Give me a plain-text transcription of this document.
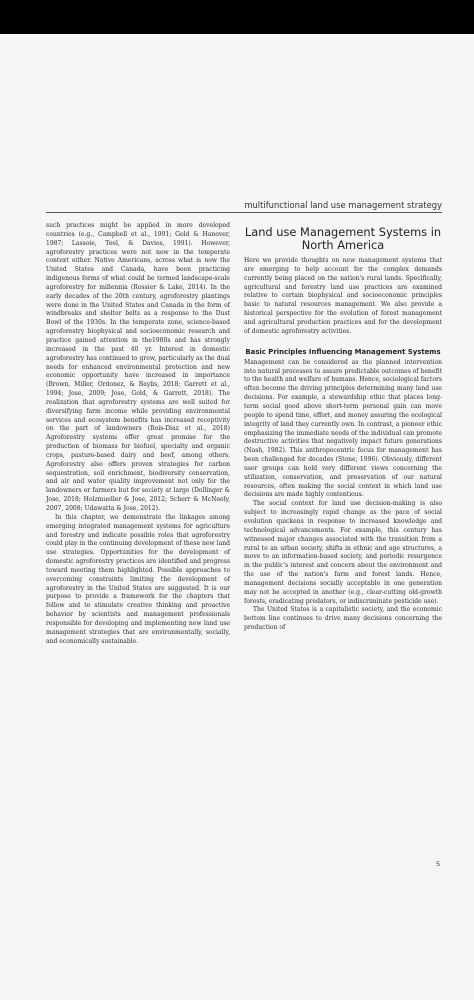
multifunctional land use management strategy

such practices might be applied in more developed countries (e.g., Campbell et al., 1991; Gold & Hanover, 1987; Lassoie, Teel, & Davies, 1991). However, agroforestry practices were not new in the temperate context either. Native Americans, across what is now the United States and Canada, have been practicing indigenous forms of what could be termed landscape-scale agroforestry for millennia (Rossier & Lake, 2014). In the early decades of the 20th century, agroforestry plantings were done in the United States and Canada in the form of windbreaks and shelter belts as a response to the Dust Bowl of the 1930s. In the temperate zone, science-based agroforestry biophysical and socioeconomic research and practice gained attention in the1980s and has strongly increased in the past 40 yr. Interest in domestic agroforestry has continued to grow, particularly as the dual needs for enhanced environmental protection and new economic opportunity have increased in importance (Brown, Miller, Ordonez, & Baylis, 2018; Garrett et al., 1994; Jose, 2009; Jose, Gold, & Garrett, 2018). The realization that agroforestry systems are well suited for diversifying farm income while providing environmental services and ecosystem benefits has increased receptivity on the part of landowners (Rois-Diaz et al., 2018) Agroforestry systems offer great promise for the production of biomass for biofuel, specialty and organic crops, pasture-based dairy and beef, among others. Agroforestry also offers proven strategies for carbon sequestration, soil enrichment, biodiversity conservation, and air and water quality improvement not only for the landowners or farmers but for society at large (Dollinger & Jose, 2018; Holzmueller & Jose, 2012; Scherr & McNeely, 2007, 2008; Udawatta & Jose, 2012).

In this chapter, we demonstrate the linkages among emerging integrated management systems for agriculture and forestry and indicate possible roles that agroforestry could play in the continuing development of these new land use strategies. Opportunities for the development of domestic agroforestry practices are identified and progress toward meeting them highlighted. Possible approaches to overcoming constraints limiting the development of agroforestry in the United States are suggested. It is our purpose to provide a framework for the chapters that follow and to stimulate creative thinking and proactive behavior by scientists and management professionals responsible for developing and implementing new land use management strategies that are environmentally, socially, and economically sustainable.

Land use Management Systems in North America

Here we provide thoughts on new management systems that are emerging to help account for the complex demands currently being placed on the nation's rural lands. Specifically, agricultural and forestry land use practices are examined relative to certain biophysical and socioeconomic principles basic to natural resources management. We also provide a historical perspective for the evolution of forest management and agricultural production practices and for the development of domestic agroforestry activities.

Basic Principles Influencing Management Systems

Management can be considered as the planned intervention into natural processes to assure predictable outcomes of benefit to the health and welfare of humans. Hence, sociological factors often become the driving principles determining many land use decisions. For example, a stewardship ethic that places long-term social good above short-term personal gain can move people to spend time, effort, and money assuring the ecological integrity of land they currently own. In contrast, a pioneer ethic emphasizing the immediate needs of the individual can promote destructive activities that negatively impact future generations (Nash, 1982). This anthropocentric focus for management has been challenged for decades (Stone, 1996). Obviously, different user groups can hold very different views concerning the utilization, conservation, and preservation of our natural resources, often making the social context in which land use decisions are made highly contentious.

The social context for land use decision-making is also subject to increasingly rapid change as the pace of social evolution quickens in response to increased knowledge and technological advancements. For example, this century has witnessed major changes associated with the transition from a rural to an urban society, shifts in ethnic and age structures, a move to an information-based society, and periodic resurgence in the public's interest and concern about the environment and the use of the nation's farm and forest lands. Hence, management decisions socially acceptable in one generation may not be accepted in another (e.g., clear-cutting old-growth forests, eradicating predators, or indiscriminate pesticide use).

The United States is a capitalistic society, and the economic bottom line continues to drive many decisions concerning the production of

5
